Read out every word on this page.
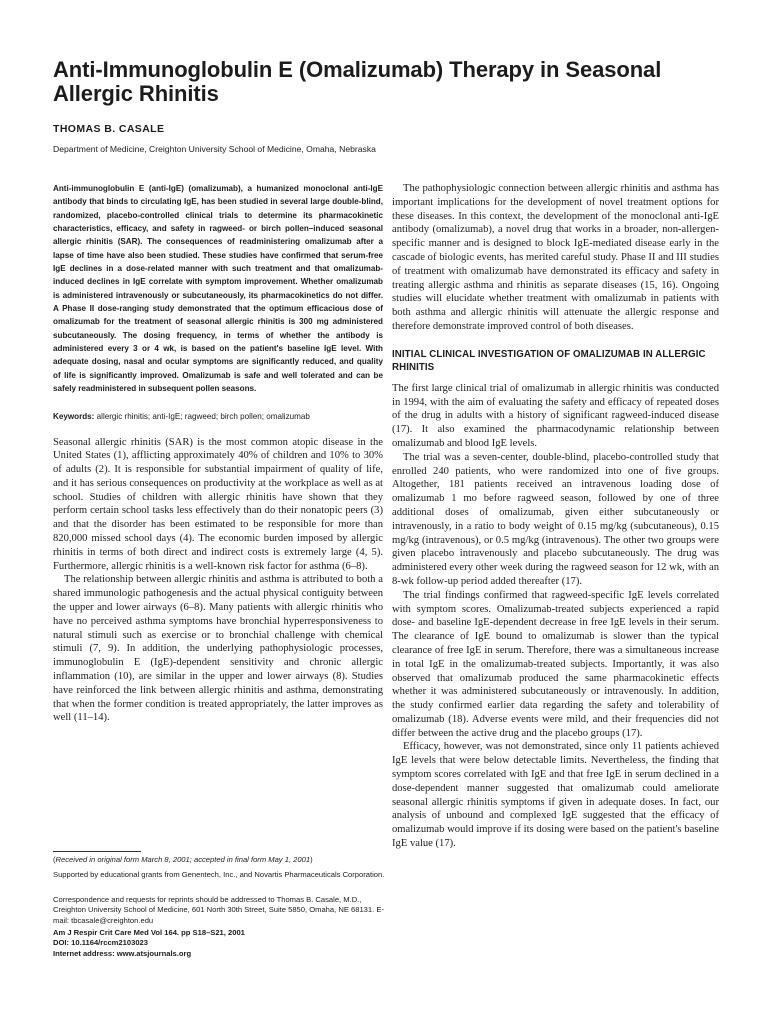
Anti-Immunoglobulin E (Omalizumab) Therapy in Seasonal Allergic Rhinitis

THOMAS B. CASALE

Department of Medicine, Creighton University School of Medicine, Omaha, Nebraska

Anti-immunoglobulin E (anti-IgE) (omalizumab), a humanized monoclonal anti-IgE antibody that binds to circulating IgE, has been studied in several large double-blind, randomized, placebo-controlled clinical trials to determine its pharmacokinetic characteristics, efficacy, and safety in ragweed- or birch pollen–induced seasonal allergic rhinitis (SAR). The consequences of readministering omalizumab after a lapse of time have also been studied. These studies have confirmed that serum-free IgE declines in a dose-related manner with such treatment and that omalizumab-induced declines in IgE correlate with symptom improvement. Whether omalizumab is administered intravenously or subcutaneously, its pharmacokinetics do not differ. A Phase II dose-ranging study demonstrated that the optimum efficacious dose of omalizumab for the treatment of seasonal allergic rhinitis is 300 mg administered subcutaneously. The dosing frequency, in terms of whether the antibody is administered every 3 or 4 wk, is based on the patient's baseline IgE level. With adequate dosing, nasal and ocular symptoms are significantly reduced, and quality of life is significantly improved. Omalizumab is safe and well tolerated and can be safely readministered in subsequent pollen seasons.

Keywords: allergic rhinitis; anti-IgE; ragweed; birch pollen; omalizumab

Seasonal allergic rhinitis (SAR) is the most common atopic disease in the United States (1), afflicting approximately 40% of children and 10% to 30% of adults (2). It is responsible for substantial impairment of quality of life, and it has serious consequences on productivity at the workplace as well as at school. Studies of children with allergic rhinitis have shown that they perform certain school tasks less effectively than do their nonatopic peers (3) and that the disorder has been estimated to be responsible for more than 820,000 missed school days (4). The economic burden imposed by allergic rhinitis in terms of both direct and indirect costs is extremely large (4, 5). Furthermore, allergic rhinitis is a well-known risk factor for asthma (6–8).

The relationship between allergic rhinitis and asthma is attributed to both a shared immunologic pathogenesis and the actual physical contiguity between the upper and lower airways (6–8). Many patients with allergic rhinitis who have no perceived asthma symptoms have bronchial hyperresponsiveness to natural stimuli such as exercise or to bronchial challenge with chemical stimuli (7, 9). In addition, the underlying pathophysiologic processes, immunoglobulin E (IgE)-dependent sensitivity and chronic allergic inflammation (10), are similar in the upper and lower airways (8). Studies have reinforced the link between allergic rhinitis and asthma, demonstrating that when the former condition is treated appropriately, the latter improves as well (11–14).

(Received in original form March 8, 2001; accepted in final form May 1, 2001)

Supported by educational grants from Genentech, Inc., and Novartis Pharmaceuticals Corporation.

Correspondence and requests for reprints should be addressed to Thomas B. Casale, M.D., Creighton University School of Medicine, 601 North 30th Street, Suite 5850, Omaha, NE 68131. E-mail: tbcasale@creighton.edu

Am J Respir Crit Care Med Vol 164. pp S18–S21, 2001
DOI: 10.1164/rccm2103023
Internet address: www.atsjournals.org

The pathophysiologic connection between allergic rhinitis and asthma has important implications for the development of novel treatment options for these diseases. In this context, the development of the monoclonal anti-IgE antibody (omalizumab), a novel drug that works in a broader, non-allergen-specific manner and is designed to block IgE-mediated disease early in the cascade of biologic events, has merited careful study. Phase II and III studies of treatment with omalizumab have demonstrated its efficacy and safety in treating allergic asthma and rhinitis as separate diseases (15, 16). Ongoing studies will elucidate whether treatment with omalizumab in patients with both asthma and allergic rhinitis will attenuate the allergic response and therefore demonstrate improved control of both diseases.

INITIAL CLINICAL INVESTIGATION OF OMALIZUMAB IN ALLERGIC RHINITIS

The first large clinical trial of omalizumab in allergic rhinitis was conducted in 1994, with the aim of evaluating the safety and efficacy of repeated doses of the drug in adults with a history of significant ragweed-induced disease (17). It also examined the pharmacodynamic relationship between omalizumab and blood IgE levels.

The trial was a seven-center, double-blind, placebo-controlled study that enrolled 240 patients, who were randomized into one of five groups. Altogether, 181 patients received an intravenous loading dose of omalizumab 1 mo before ragweed season, followed by one of three additional doses of omalizumab, given either subcutaneously or intravenously, in a ratio to body weight of 0.15 mg/kg (subcutaneous), 0.15 mg/kg (intravenous), or 0.5 mg/kg (intravenous). The other two groups were given placebo intravenously and placebo subcutaneously. The drug was administered every other week during the ragweed season for 12 wk, with an 8-wk follow-up period added thereafter (17).

The trial findings confirmed that ragweed-specific IgE levels correlated with symptom scores. Omalizumab-treated subjects experienced a rapid dose- and baseline IgE-dependent decrease in free IgE levels in their serum. The clearance of IgE bound to omalizumab is slower than the typical clearance of free IgE in serum. Therefore, there was a simultaneous increase in total IgE in the omalizumab-treated subjects. Importantly, it was also observed that omalizumab produced the same pharmacokinetic effects whether it was administered subcutaneously or intravenously. In addition, the study confirmed earlier data regarding the safety and tolerability of omalizumab (18). Adverse events were mild, and their frequencies did not differ between the active drug and the placebo groups (17).

Efficacy, however, was not demonstrated, since only 11 patients achieved IgE levels that were below detectable limits. Nevertheless, the finding that symptom scores correlated with IgE and that free IgE in serum declined in a dose-dependent manner suggested that omalizumab could ameliorate seasonal allergic rhinitis symptoms if given in adequate doses. In fact, our analysis of unbound and complexed IgE suggested that the efficacy of omalizumab would improve if its dosing were based on the patient's baseline IgE value (17).
